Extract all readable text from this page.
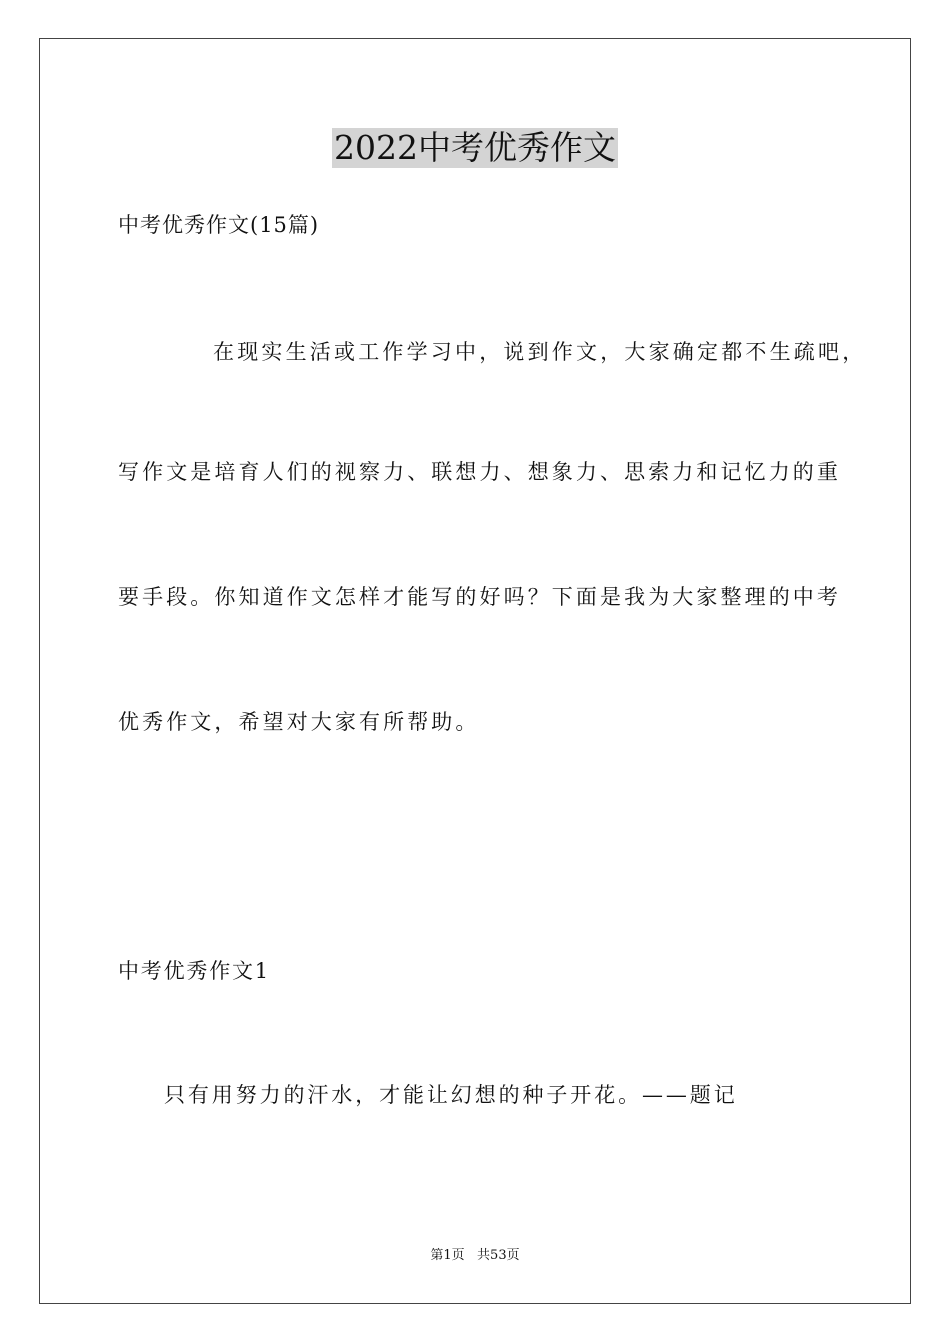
2022中考优秀作文
中考优秀作文(15篇)
在现实生活或工作学习中，说到作文，大家确定都不生疏吧，
写作文是培育人们的视察力、联想力、想象力、思索力和记忆力的重
要手段。你知道作文怎样才能写的好吗？下面是我为大家整理的中考
优秀作文，希望对大家有所帮助。
中考优秀作文1
只有用努力的汗水，才能让幻想的种子开花。——题记
第1页   共53页
